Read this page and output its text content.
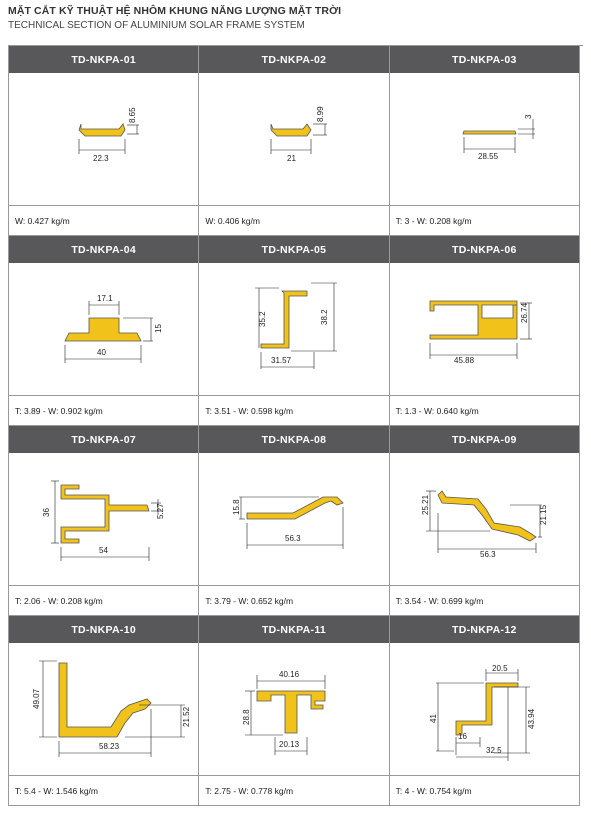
MẶT CẮT KỸ THUẬT HỆ NHÔM KHUNG NĂNG LƯỢNG MẶT TRỜI
TECHNICAL SECTION OF ALUMINIUM SOLAR FRAME SYSTEM
TD-NKPA-01
8.65
22.3
W: 0.427 kg/m
TD-NKPA-02
8.99
21
W: 0.406 kg/m
TD-NKPA-03
3
28.55
T: 3 - W: 0.208 kg/m
TD-NKPA-04
17.1
15
40
T: 3.89 - W: 0.902 kg/m
TD-NKPA-05
35.2	38.2
31.57
T: 3.51 - W: 0.598 kg/m
TD-NKPA-06
26.74
45.88
T: 1.3 - W: 0.640 kg/m
TD-NKPA-07
36	5.27
54
T: 2.06 - W: 0.208 kg/m
TD-NKPA-08
15.8
56.3
T: 3.79 - W: 0.652 kg/m
TD-NKPA-09
25.21	21.15
56.3
T: 3.54 - W: 0.699 kg/m
TD-NKPA-10
49.07
21.52
58.23
T: 5.4 - W: 1.546 kg/m
TD-NKPA-11
40.16
28.8
20.13
T: 2.75 - W: 0.778 kg/m
TD-NKPA-12
20.5
41	43.94
16
32.5
T: 4 - W: 0.754 kg/m
